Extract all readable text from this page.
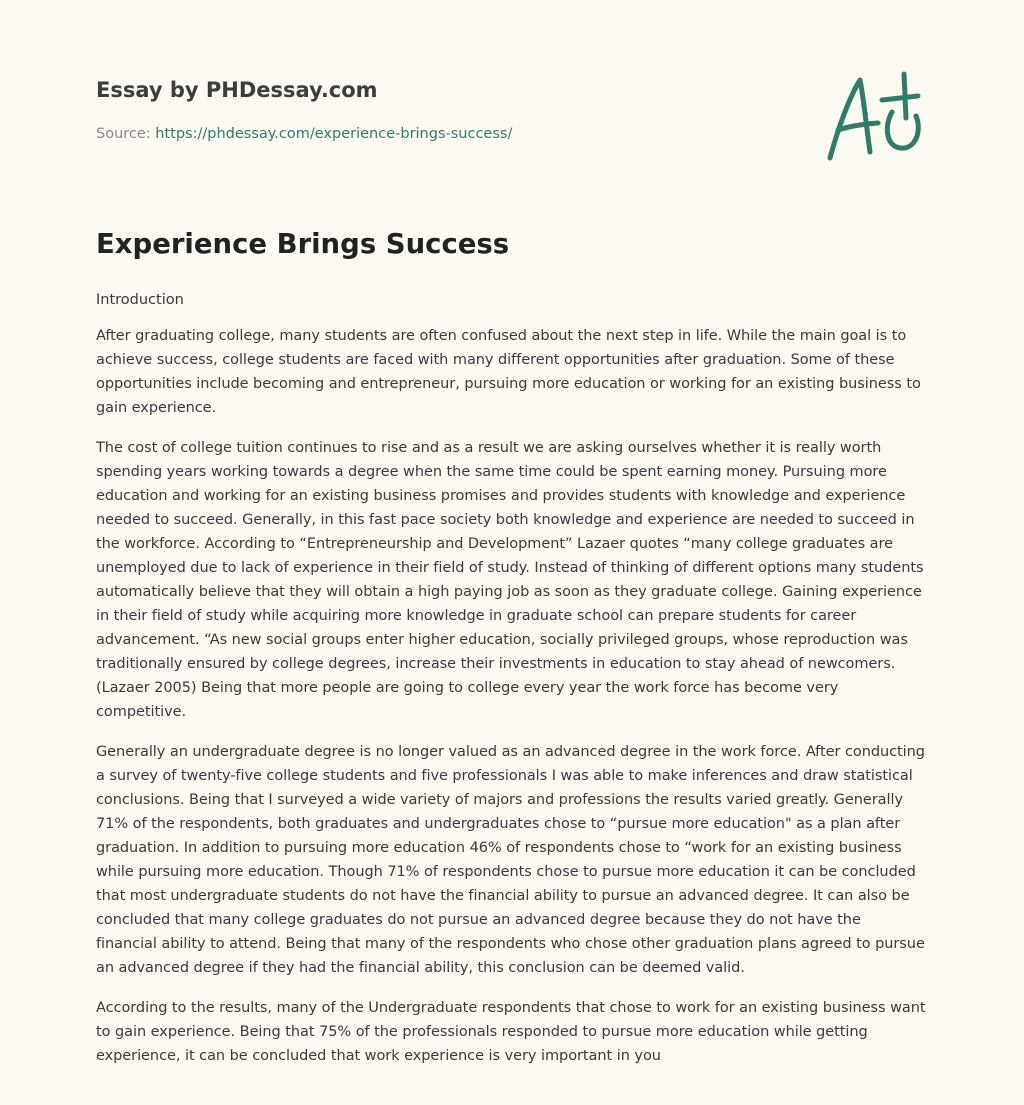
Essay by PHDessay.com
Source: https://phdessay.com/experience-brings-success/
Experience Brings Success
Introduction

After graduating college, many students are often confused about the next step in life. While the main goal is to achieve success, college students are faced with many different opportunities after graduation. Some of these opportunities include becoming and entrepreneur, pursuing more education or working for an existing business to gain experience.

The cost of college tuition continues to rise and as a result we are asking ourselves whether it is really worth spending years working towards a degree when the same time could be spent earning money. Pursuing more education and working for an existing business promises and provides students with knowledge and experience needed to succeed. Generally, in this fast pace society both knowledge and experience are needed to succeed in the workforce. According to “Entrepreneurship and Development” Lazaer quotes “many college graduates are unemployed due to lack of experience in their field of study. Instead of thinking of different options many students automatically believe that they will obtain a high paying job as soon as they graduate college. Gaining experience in their field of study while acquiring more knowledge in graduate school can prepare students for career advancement. “As new social groups enter higher education, socially privileged groups, whose reproduction was traditionally ensured by college degrees, increase their investments in education to stay ahead of newcomers. (Lazaer 2005) Being that more people are going to college every year the work force has become very competitive.

Generally an undergraduate degree is no longer valued as an advanced degree in the work force. After conducting a survey of twenty-five college students and five professionals I was able to make inferences and draw statistical conclusions. Being that I surveyed a wide variety of majors and professions the results varied greatly. Generally 71% of the respondents, both graduates and undergraduates chose to “pursue more education" as a plan after graduation. In addition to pursuing more education 46% of respondents chose to “work for an existing business while pursuing more education. Though 71% of respondents chose to pursue more education it can be concluded that most undergraduate students do not have the financial ability to pursue an advanced degree. It can also be concluded that many college graduates do not pursue an advanced degree because they do not have the financial ability to attend. Being that many of the respondents who chose other graduation plans agreed to pursue an advanced degree if they had the financial ability, this conclusion can be deemed valid.

According to the results, many of the Undergraduate respondents that chose to work for an existing business want to gain experience. Being that 75% of the professionals responded to pursue more education while getting experience, it can be concluded that work experience is very important in you
